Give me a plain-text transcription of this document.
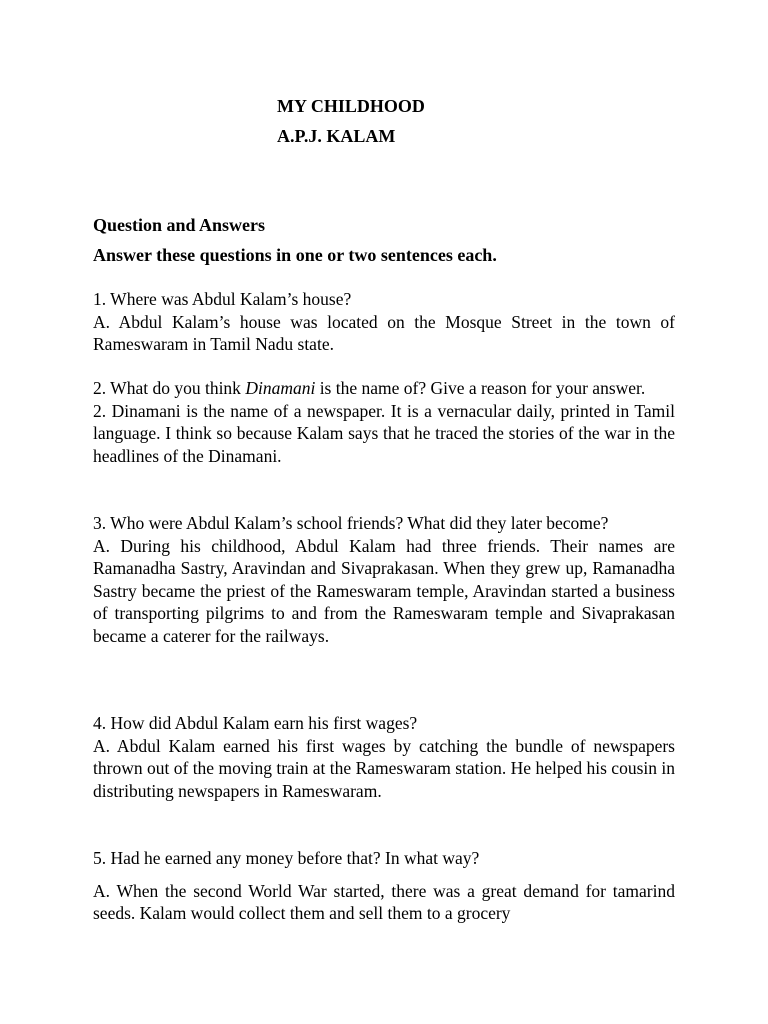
MY CHILDHOOD
A.P.J. KALAM
Question and Answers
Answer these questions in one or two sentences each.

1. Where was Abdul Kalam’s house?

A. Abdul Kalam’s house was located on the Mosque Street in the town of Rameswaram in Tamil Nadu state.

2. What do you think Dinamani is the name of? Give a reason for your answer.

2. Dinamani is the name of a newspaper. It is a vernacular daily, printed in Tamil language. I think so because Kalam says that he traced the stories of the war in the headlines of the Dinamani.

3. Who were Abdul Kalam’s school friends? What did they later become?

A. During his childhood, Abdul Kalam had three friends. Their names are Ramanadha Sastry, Aravindan and Sivaprakasan. When they grew up, Ramanadha Sastry became the priest of the Rameswaram temple, Aravindan started a business of transporting pilgrims to and from the Rameswaram temple and Sivaprakasan became a caterer for the railways.

4. How did Abdul Kalam earn his first wages?

A. Abdul Kalam earned his first wages by catching the bundle of newspapers thrown out of the moving train at the Rameswaram station. He helped his cousin in distributing newspapers in Rameswaram.

5. Had he earned any money before that? In what way?

A. When the second World War started, there was a great demand for tamarind seeds. Kalam would collect them and sell them to a grocery
